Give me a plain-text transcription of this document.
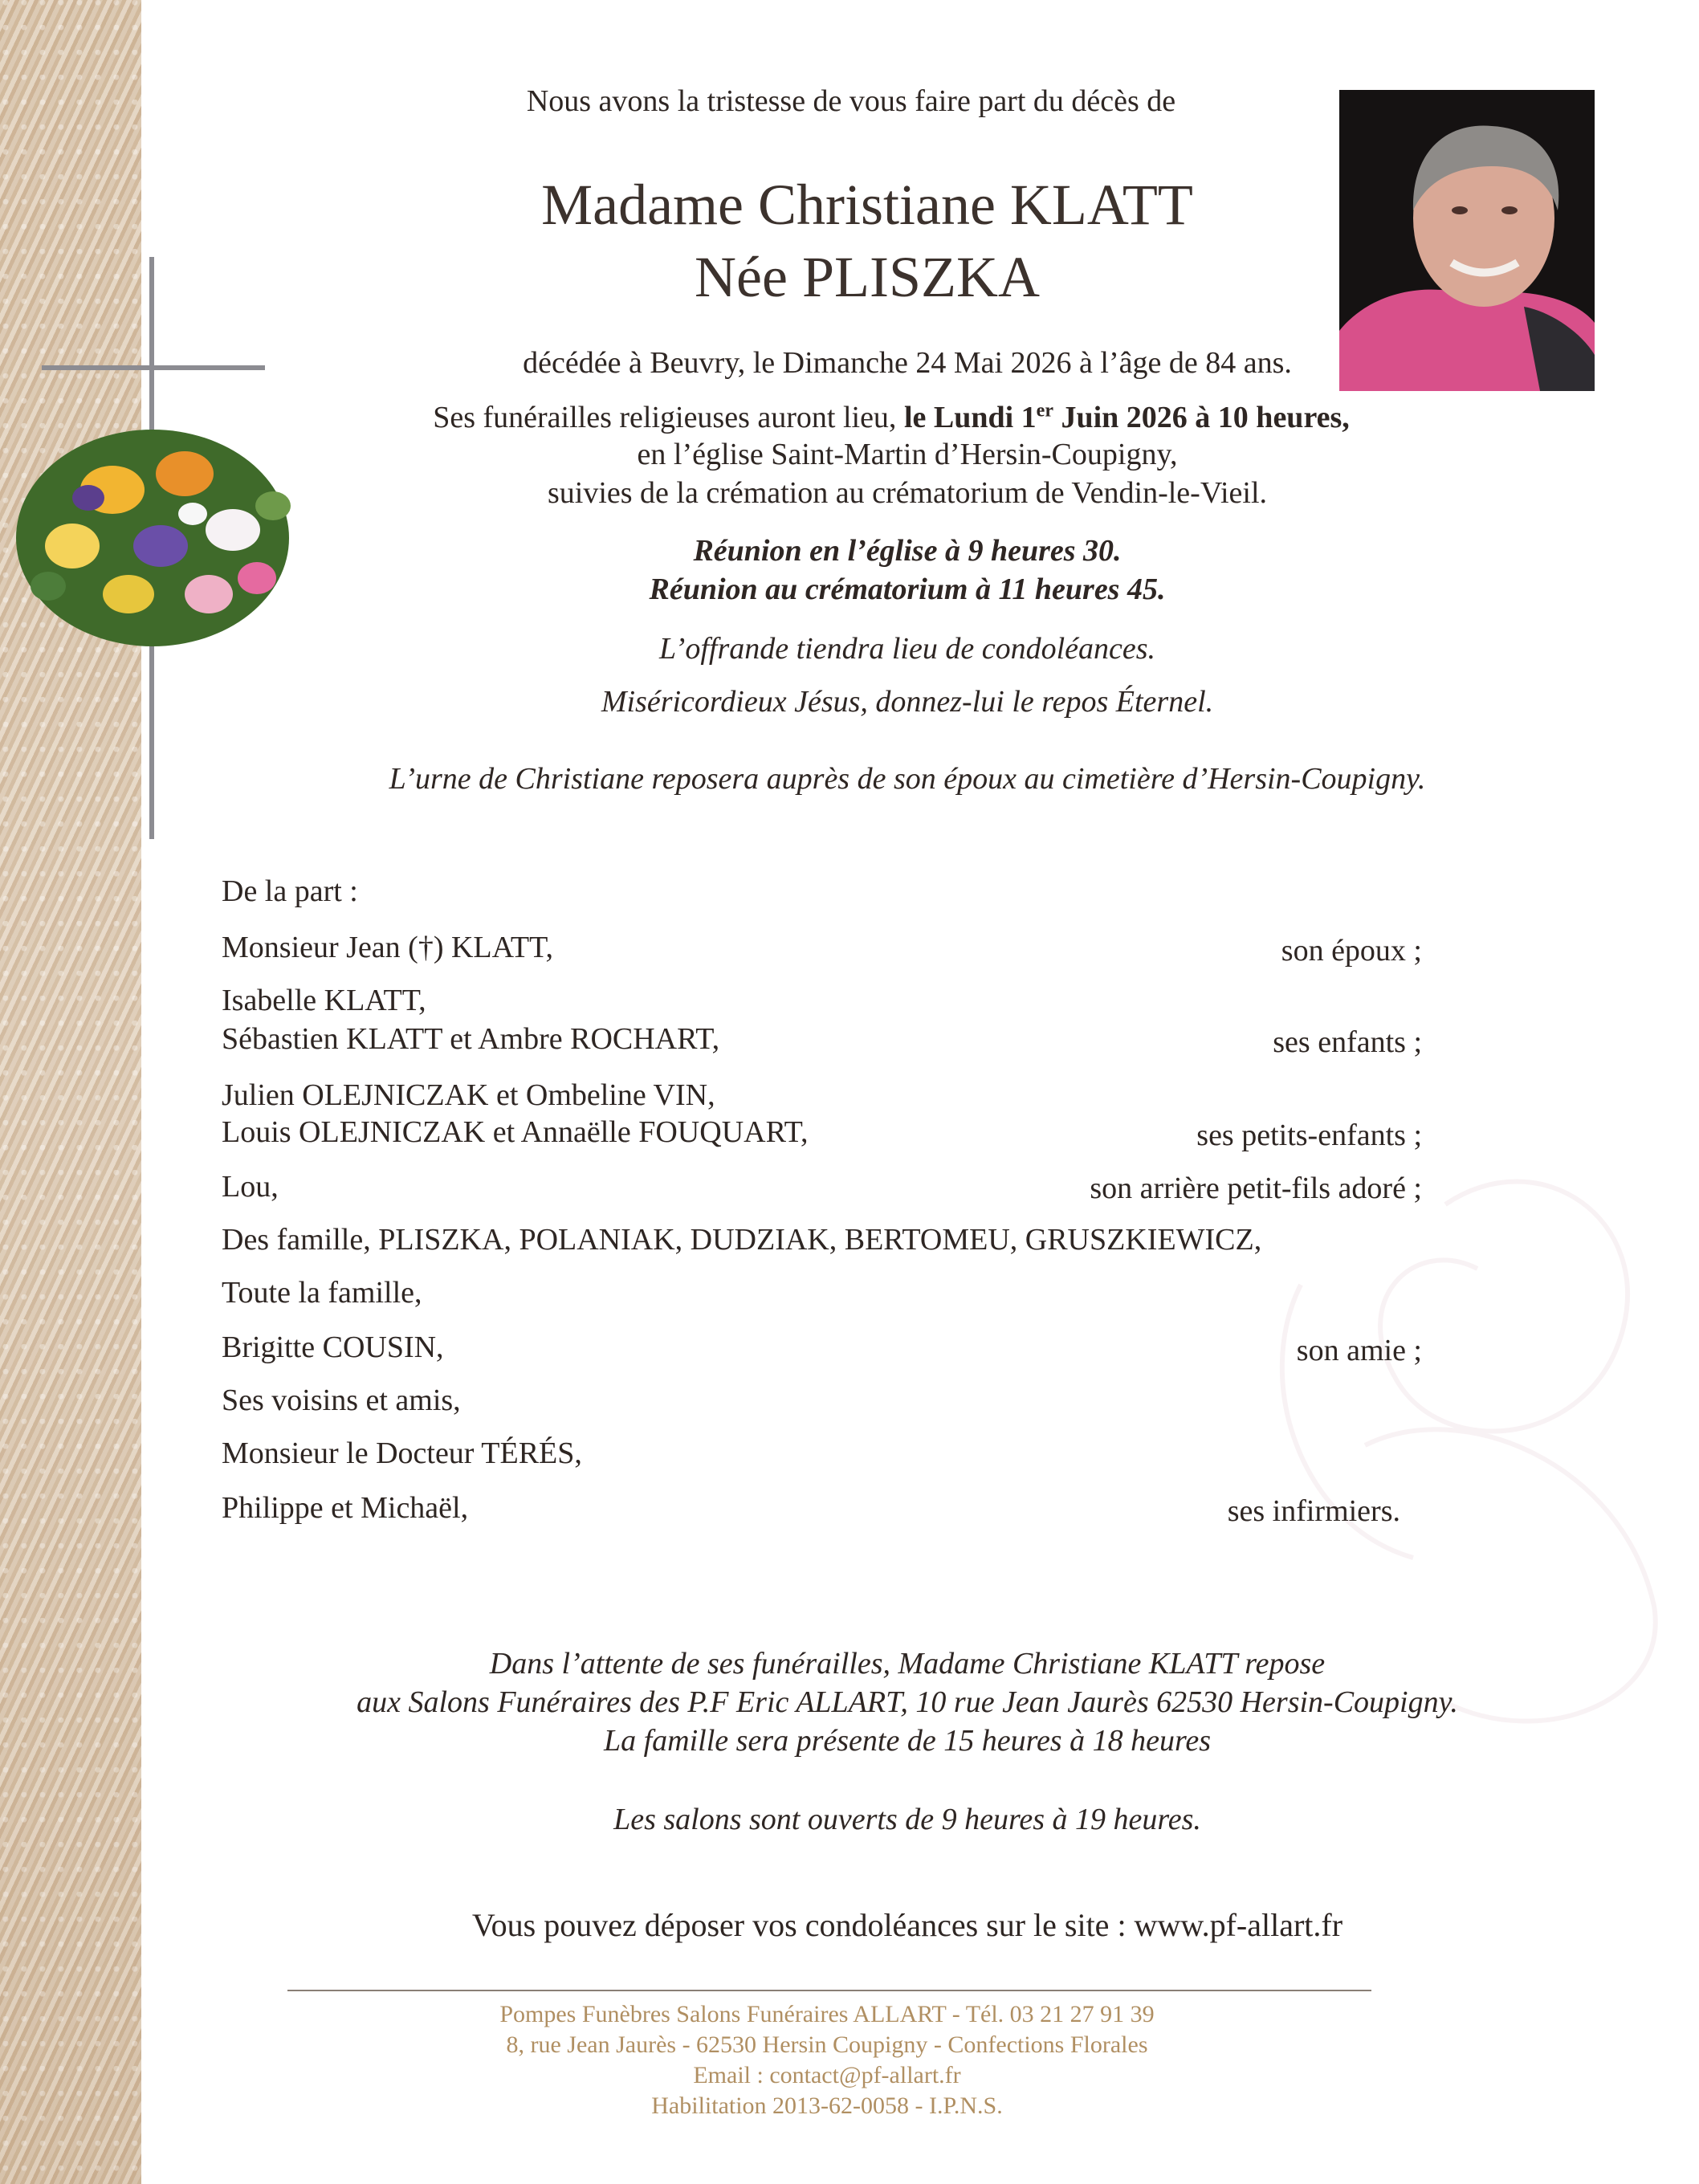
Nous avons la tristesse de vous faire part du décès de
Madame Christiane KLATT
Née PLISZKA
décédée à Beuvry, le Dimanche 24 Mai 2026 à l’âge de 84 ans.
Ses funérailles religieuses auront lieu, le Lundi 1er Juin 2026 à 10 heures,
en l’église Saint-Martin d’Hersin-Coupigny,
suivies de la crémation au crématorium de Vendin-le-Vieil.
Réunion en l’église à 9 heures 30.
Réunion au crématorium à 11 heures 45.
L’offrande tiendra lieu de condoléances.
Miséricordieux Jésus, donnez-lui le repos Éternel.
L’urne de Christiane reposera auprès de son époux au cimetière d’Hersin-Coupigny.
De la part :
Monsieur Jean (†) KLATT,	son époux ;
Isabelle KLATT,
Sébastien KLATT et Ambre ROCHART,	ses enfants ;
Julien OLEJNICZAK et Ombeline VIN,
Louis OLEJNICZAK et Annaëlle FOUQUART,	ses petits-enfants ;
Lou,	son arrière petit-fils adoré ;
Des famille, PLISZKA, POLANIAK, DUDZIAK, BERTOMEU, GRUSZKIEWICZ,
Toute la famille,
Brigitte COUSIN,	son amie ;
Ses voisins et amis,
Monsieur le Docteur TÉRÉS,
Philippe et Michaël,	ses infirmiers.
Dans l’attente de ses funérailles, Madame Christiane KLATT repose
aux Salons Funéraires des P.F Eric ALLART, 10 rue Jean Jaurès 62530 Hersin-Coupigny.
La famille sera présente de 15 heures à 18 heures
Les salons sont ouverts de 9 heures à 19 heures.
Vous pouvez déposer vos condoléances sur le site : www.pf-allart.fr
Pompes Funèbres Salons Funéraires ALLART - Tél. 03 21 27 91 39
8, rue Jean Jaurès - 62530 Hersin Coupigny - Confections Florales
Email : contact@pf-allart.fr
Habilitation 2013-62-0058 - I.P.N.S.
